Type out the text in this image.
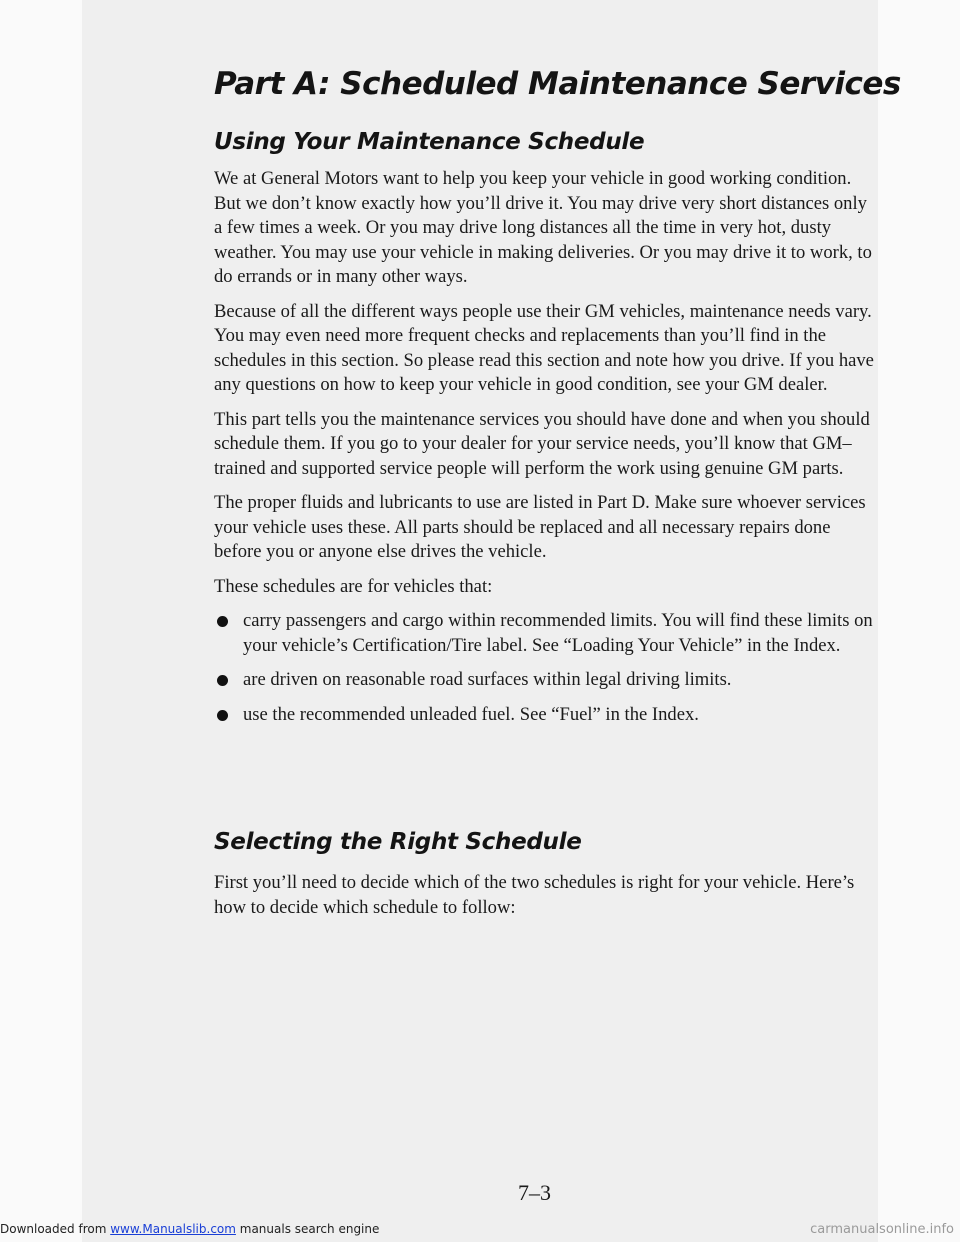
Part A: Scheduled Maintenance Services
Using Your Maintenance Schedule

We at General Motors want to help you keep your vehicle in good working condition. But we don’t know exactly how you’ll drive it. You may drive very short distances only a few times a week. Or you may drive long distances all the time in very hot, dusty weather. You may use your vehicle in making deliveries. Or you may drive it to work, to do errands or in many other ways.

Because of all the different ways people use their GM vehicles, maintenance needs vary. You may even need more frequent checks and replacements than you’ll find in the schedules in this section. So please read this section and note how you drive. If you have any questions on how to keep your vehicle in good condition, see your GM dealer.

This part tells you the maintenance services you should have done and when you should schedule them. If you go to your dealer for your service needs, you’ll know that GM–trained and supported service people will perform the work using genuine GM parts.

The proper fluids and lubricants to use are listed in Part D. Make sure whoever services your vehicle uses these. All parts should be replaced and all necessary repairs done before you or anyone else drives the vehicle.

These schedules are for vehicles that:

carry passengers and cargo within recommended limits. You will find these limits on your vehicle’s Certification/Tire label. See “Loading Your Vehicle” in the Index.
are driven on reasonable road surfaces within legal driving limits.
use the recommended unleaded fuel. See “Fuel” in the Index.
Selecting the Right Schedule

First you’ll need to decide which of the two schedules is right for your vehicle. Here’s how to decide which schedule to follow:

7–3
Downloaded from www.Manualslib.com manuals search engine	carmanualsonline.info
